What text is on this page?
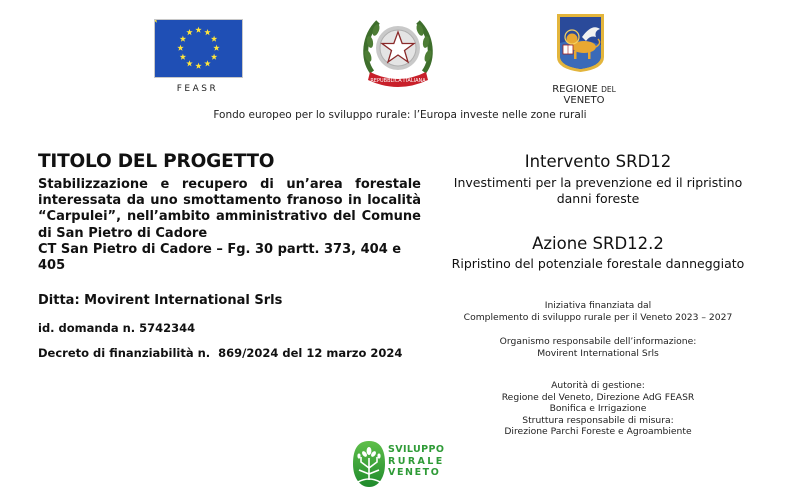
FEASR
REPUBBLICA ITALIANA
REGIONE DEL VENETO
Fondo europeo per lo sviluppo rurale: l’Europa investe nelle zone rurali
TITOLO DEL PROGETTO

Stabilizzazione e recupero di un’area forestale interessata da uno smottamento franoso in località “Carpulei”, nell’ambito amministrativo del Comune di San Pietro di Cadore

CT San Pietro di Cadore – Fg. 30 partt. 373, 404 e 405

Ditta: Movirent International Srls
id. domanda n. 5742344
Decreto di finanziabilità n.  869/2024 del 12 marzo 2024
Intervento SRD12
Investimenti per la prevenzione ed il ripristino danni foreste
Azione SRD12.2
Ripristino del potenziale forestale danneggiato
Iniziativa finanziata dal
Complemento di sviluppo rurale per il Veneto 2023 – 2027
Organismo responsabile dell’informazione:
Movirent International Srls
Autorità di gestione:
Regione del Veneto, Direzione AdG FEASR Bonifica e Irrigazione
Struttura responsabile di misura:
Direzione Parchi Foreste e Agroambiente
SVILUPPO
RURALE
VENETO
